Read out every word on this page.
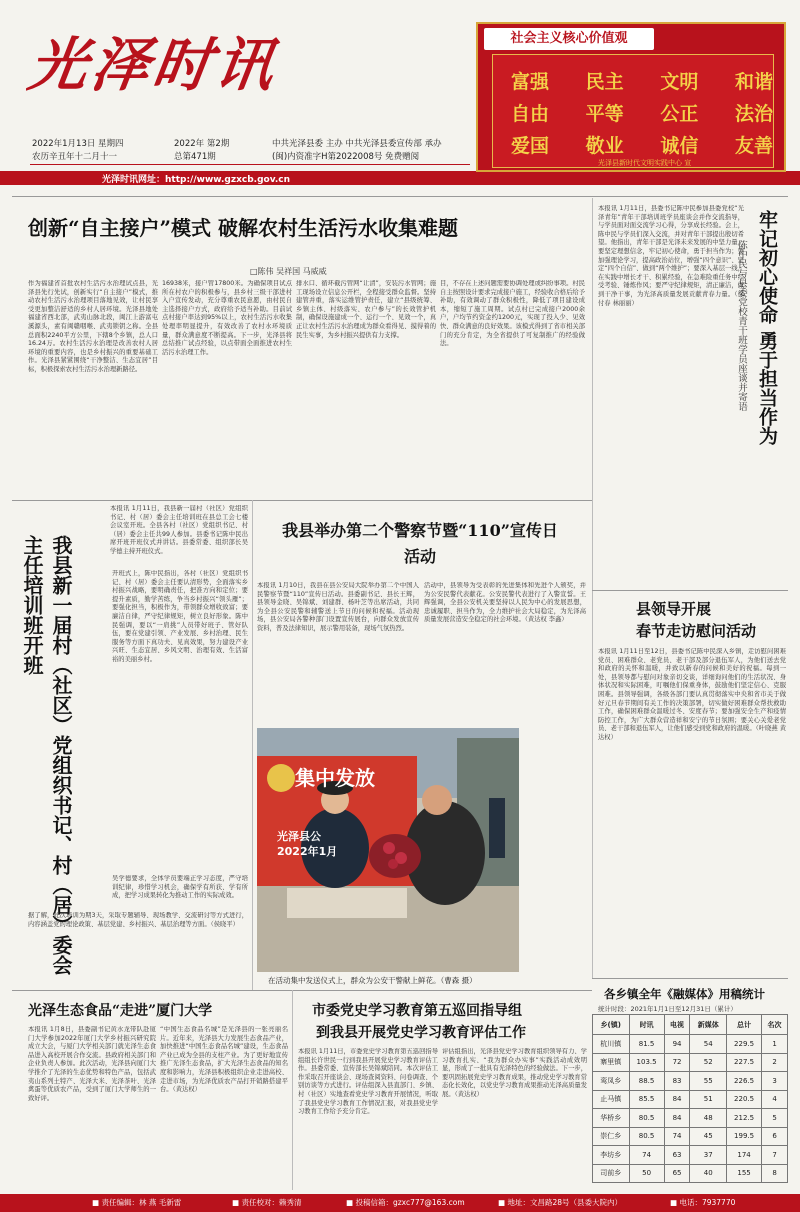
光泽时讯
2022年1月13日 星期四
农历辛丑年十二月十一
2022年 第2期
总第471期
中共光泽县委 主办 中共光泽县委宣传部 承办
(闽)内资准字H第2022008号 免费赠阅
光泽时讯网址：http://www.gzxcb.gov.cn
社会主义核心价值观
富强 民主 文明 和谐
自由 平等 公正 法治
爱国 敬业 诚信 友善
光泽县新时代文明实践中心 宣
创新“自主接户”模式 破解农村生活污水收集难题
□陈伟 吴祥国 马威威
作为福建省首批农村生活污水治理试点县，光泽县先行先试，创新实行“自主接户”模式，推动农村生活污水治理项目落地见效，让村民享受更加整洁舒适的乡村人居环境。光泽县地处福建省西北部，武夷山脉北段，闽江上游富屯溪源头，素有闽赣咽喉、武夷锁钥之称。全县总面积2240平方公里，下辖8个乡镇，总人口16.24万。农村生活污水治理是改善农村人居环境的重要内容，也是乡村振兴的重要基础工作。光泽县紧紧围绕“干净整洁、生态宜居”目标，积极探索农村生活污水治理新路径。
16938米，接户管17800米。为确保项目试点所在村农户的积极参与，县乡村三级干部进村入户宣传发动，充分尊重农民意愿，由村民自主选择接户方式，政府给予适当补助。目前试点村接户率达到95%以上，农村生活污水收集处理率明显提升，有效改善了农村水环境质量，群众满意度不断提高。下一步，光泽县将总结推广试点经验，以点带面全面推进农村生活污水治理工作。
排水口、循环截污管网“让清”，安装污水管网；施工现场设立信息公开栏，全程接受群众监督。坚持建管并重，落实运维管护责任，建立“县级统筹、乡镇主体、村级落实、农户参与”的长效管护机制，确保设施建成一个、运行一个、见效一个，真正让农村生活污水治理成为群众看得见、摸得着的民生实事，为乡村振兴提供有力支撑。
目，不存在上述问题需要协调处理或纠纷事项。村民自主按照设计要求完成接户施工，经验收合格后给予补助，有效调动了群众积极性，降低了项目建设成本，缩短了施工周期。试点村已完成接户2000余户，户均节约资金约1200元，实现了投入少、见效快、群众满意的良好效果。该模式得到了省市相关部门的充分肯定，为全省提供了可复制推广的经验做法。
本报讯 1月11日，县委书记陈中民参加县委党校“光泽青年”青年干部培训班学员座谈会并作交流指导，与学员面对面交流学习心得，分享成长经验。会上，陈中民与学员们深入交流，并对青年干部提出殷切希望。他指出，青年干部是光泽未来发展的中坚力量，要坚定理想信念，牢记初心使命，勇于担当作为；要加强理论学习，提高政治站位，增强“四个意识”、坚定“四个自信”、做到“两个维护”；要深入基层一线，在实践中增长才干、积累经验，在急难险重任务中经受考验、锤炼作风；要严守纪律规矩，清正廉洁，做到干净干事，为光泽高质量发展贡献青春力量。（徐付春 林丽丽）	牢记初心使命 勇于担当作为
陈中民与县委党校青干班学员座谈并寄语
本报讯 1月11日，我县新一届村（社区）党组织书记、村（居）委会主任培训班在县总工会七楼会议室开班。全县各村（社区）党组织书记、村（居）委会主任共99人参加。县委书记陈中民出席开班开班仪式并讲话。县委常委、组织部长吴学德主持开班仪式。
我县新一届村（社区）党组织书记、村（居）委会主任培训班开班	开班式上，陈中民指出，各村（社区）党组织书记、村（居）委会主任要认清形势，全面落实乡村振兴战略，要明确责任，把准方向和定位；要提升素质，勤学苦练，争当乡村振兴“领头雁”；要强化担当，积极作为，带领群众增收致富；要廉洁自律，严守纪律规矩，树立良好形象。陈中民强调，要以“一肩挑”人员带好班子、管好队伍，要在党建引领、产业发展、乡村治理、民生服务等方面下真功夫、见真效果，努力建设产业兴旺、生态宜居、乡风文明、治理有效、生活富裕的美丽乡村。
吴学德要求，全体学员要端正学习态度，严守培训纪律，珍惜学习机会，确保学有所获、学有所成，把学习成果转化为推动工作的实际成效。
据了解，此次培训为期3天，采取专题辅导、现场教学、交流研讨等方式进行，内容涵盖党的理论政策、基层党建、乡村振兴、基层治理等方面。（侯晓平）
我县举办第二个警察节暨“110”宣传日活动
本报讯 1月10日，我县在县公安局大院举办第二个中国人民警察节暨“110”宣传日活动。县委副书记、县长王辉，县领导金晓、吴锦斌、刘建群、杨叶芝等出席活动，共同为全县公安民警和辅警送上节日的问候和祝福。活动现场，县公安局各警种部门设置宣传展台，向群众发放宣传资料，普及法律知识，展示警用装备，现场气氛热烈。
活动中，县领导为受表彰的先进集体和先进个人颁奖，并为公安民警代表献花。公安民警代表进行了入警宣誓。王辉强调，全县公安机关要坚持以人民为中心的发展思想，忠诚履职、担当作为，全力维护社会大局稳定，为光泽高质量发展营造安全稳定的社会环境。（黄达权 李鑫）
集中发放
光泽县公
2022年1月
在活动集中发送仪式上，群众为公安干警献上鲜花。（曹森 摄）
县领导开展
春节走访慰问活动
本报讯 1月11日至12日，县委书记陈中民深入乡镇，走访慰问困难党员、困难群众、老党员、老干部及部分退伍军人，为他们送去党和政府的关怀和温暖，并致以新春的问候和美好的祝福。每到一处，县领导都与慰问对象亲切交谈，详细询问他们的生活状况、身体状况和实际困难，叮嘱他们保重身体，鼓励他们坚定信心、克服困难。县领导强调，各级各部门要认真贯彻落实中央和省市关于做好元旦春节期间有关工作的决策部署，切实做好困难群众帮扶救助工作，确保困难群众温暖过冬、安度春节；要加强安全生产和疫情防控工作，为广大群众营造祥和安宁的节日氛围；要关心关爱老党员、老干部和退伍军人，让他们感受到党和政府的温暖。（叶晓燕 黄达权）
光泽生态食品“走进”厦门大学
本报讯 1月8日，县委副书记黄水龙带队赴厦门大学参加2022年厦门大学乡村振兴研究院成立大会，与厦门大学相关部门就光泽生态食品进入高校开展合作交流。县政府相关部门和企业负责人参加。此次活动，光泽县向厦门大学推介了光泽的生态优势和特色产品，包括武夷山系列土特产、光泽大米、光泽茶叶、光泽禽蛋等优质农产品，受到了厦门大学师生的一致好评。
“中国生态食品名城”是光泽县的一张亮丽名片。近年来，光泽县大力发展生态食品产业，加快推进“中国生态食品名城”建设，生态食品产业已成为全县的支柱产业。为了更好地宣传推广光泽生态食品，扩大光泽生态食品的知名度和影响力，光泽县积极组织企业走进高校、走进市场，为光泽优质农产品打开销路搭建平台。（黄达权）
市委党史学习教育第五巡回指导组
到我县开展党史学习教育评估工作
本报讯 1月11日，市委党史学习教育第五巡回指导组组长许世民一行到我县开展党史学习教育评估工作。县委常委、宣传部长吴锦斌陪同。本次评估工作采取召开座谈会、现场查阅资料、问卷调查、个别访谈等方式进行。评估组深入县直部门、乡镇、村（社区）实地查看党史学习教育开展情况，听取了我县党史学习教育工作情况汇报，对我县党史学习教育工作给予充分肯定。
评估组指出，光泽县党史学习教育组织领导有力、学习教育扎实、“我为群众办实事”实践活动成效明显，形成了一批具有光泽特色的经验做法。下一步，要巩固拓展党史学习教育成果，推动党史学习教育常态化长效化，以党史学习教育成果推动光泽高质量发展。（黄达权）
各乡镇全年《融媒体》用稿统计
统计时段：2021年1月1日至12月31日（累计）
乡(镇)	时讯	电视	新媒体	总计	名次
杭川镇	81.5	94	54	229.5	1
寨里镇	103.5	72	52	227.5	2
鸾凤乡	88.5	83	55	226.5	3
止马镇	85.5	84	51	220.5	4
华桥乡	80.5	84	48	212.5	5
崇仁乡	80.5	74	45	199.5	6
李坊乡	74	63	37	174	7
司前乡	50	65	40	155	8
■ 责任编辑：林 燕 毛新雷	■ 责任校对：赖秀清	■ 投稿信箱：gzxc777@163.com	■ 地址：文昌路28号（县委大院内）	■ 电话：7937770
